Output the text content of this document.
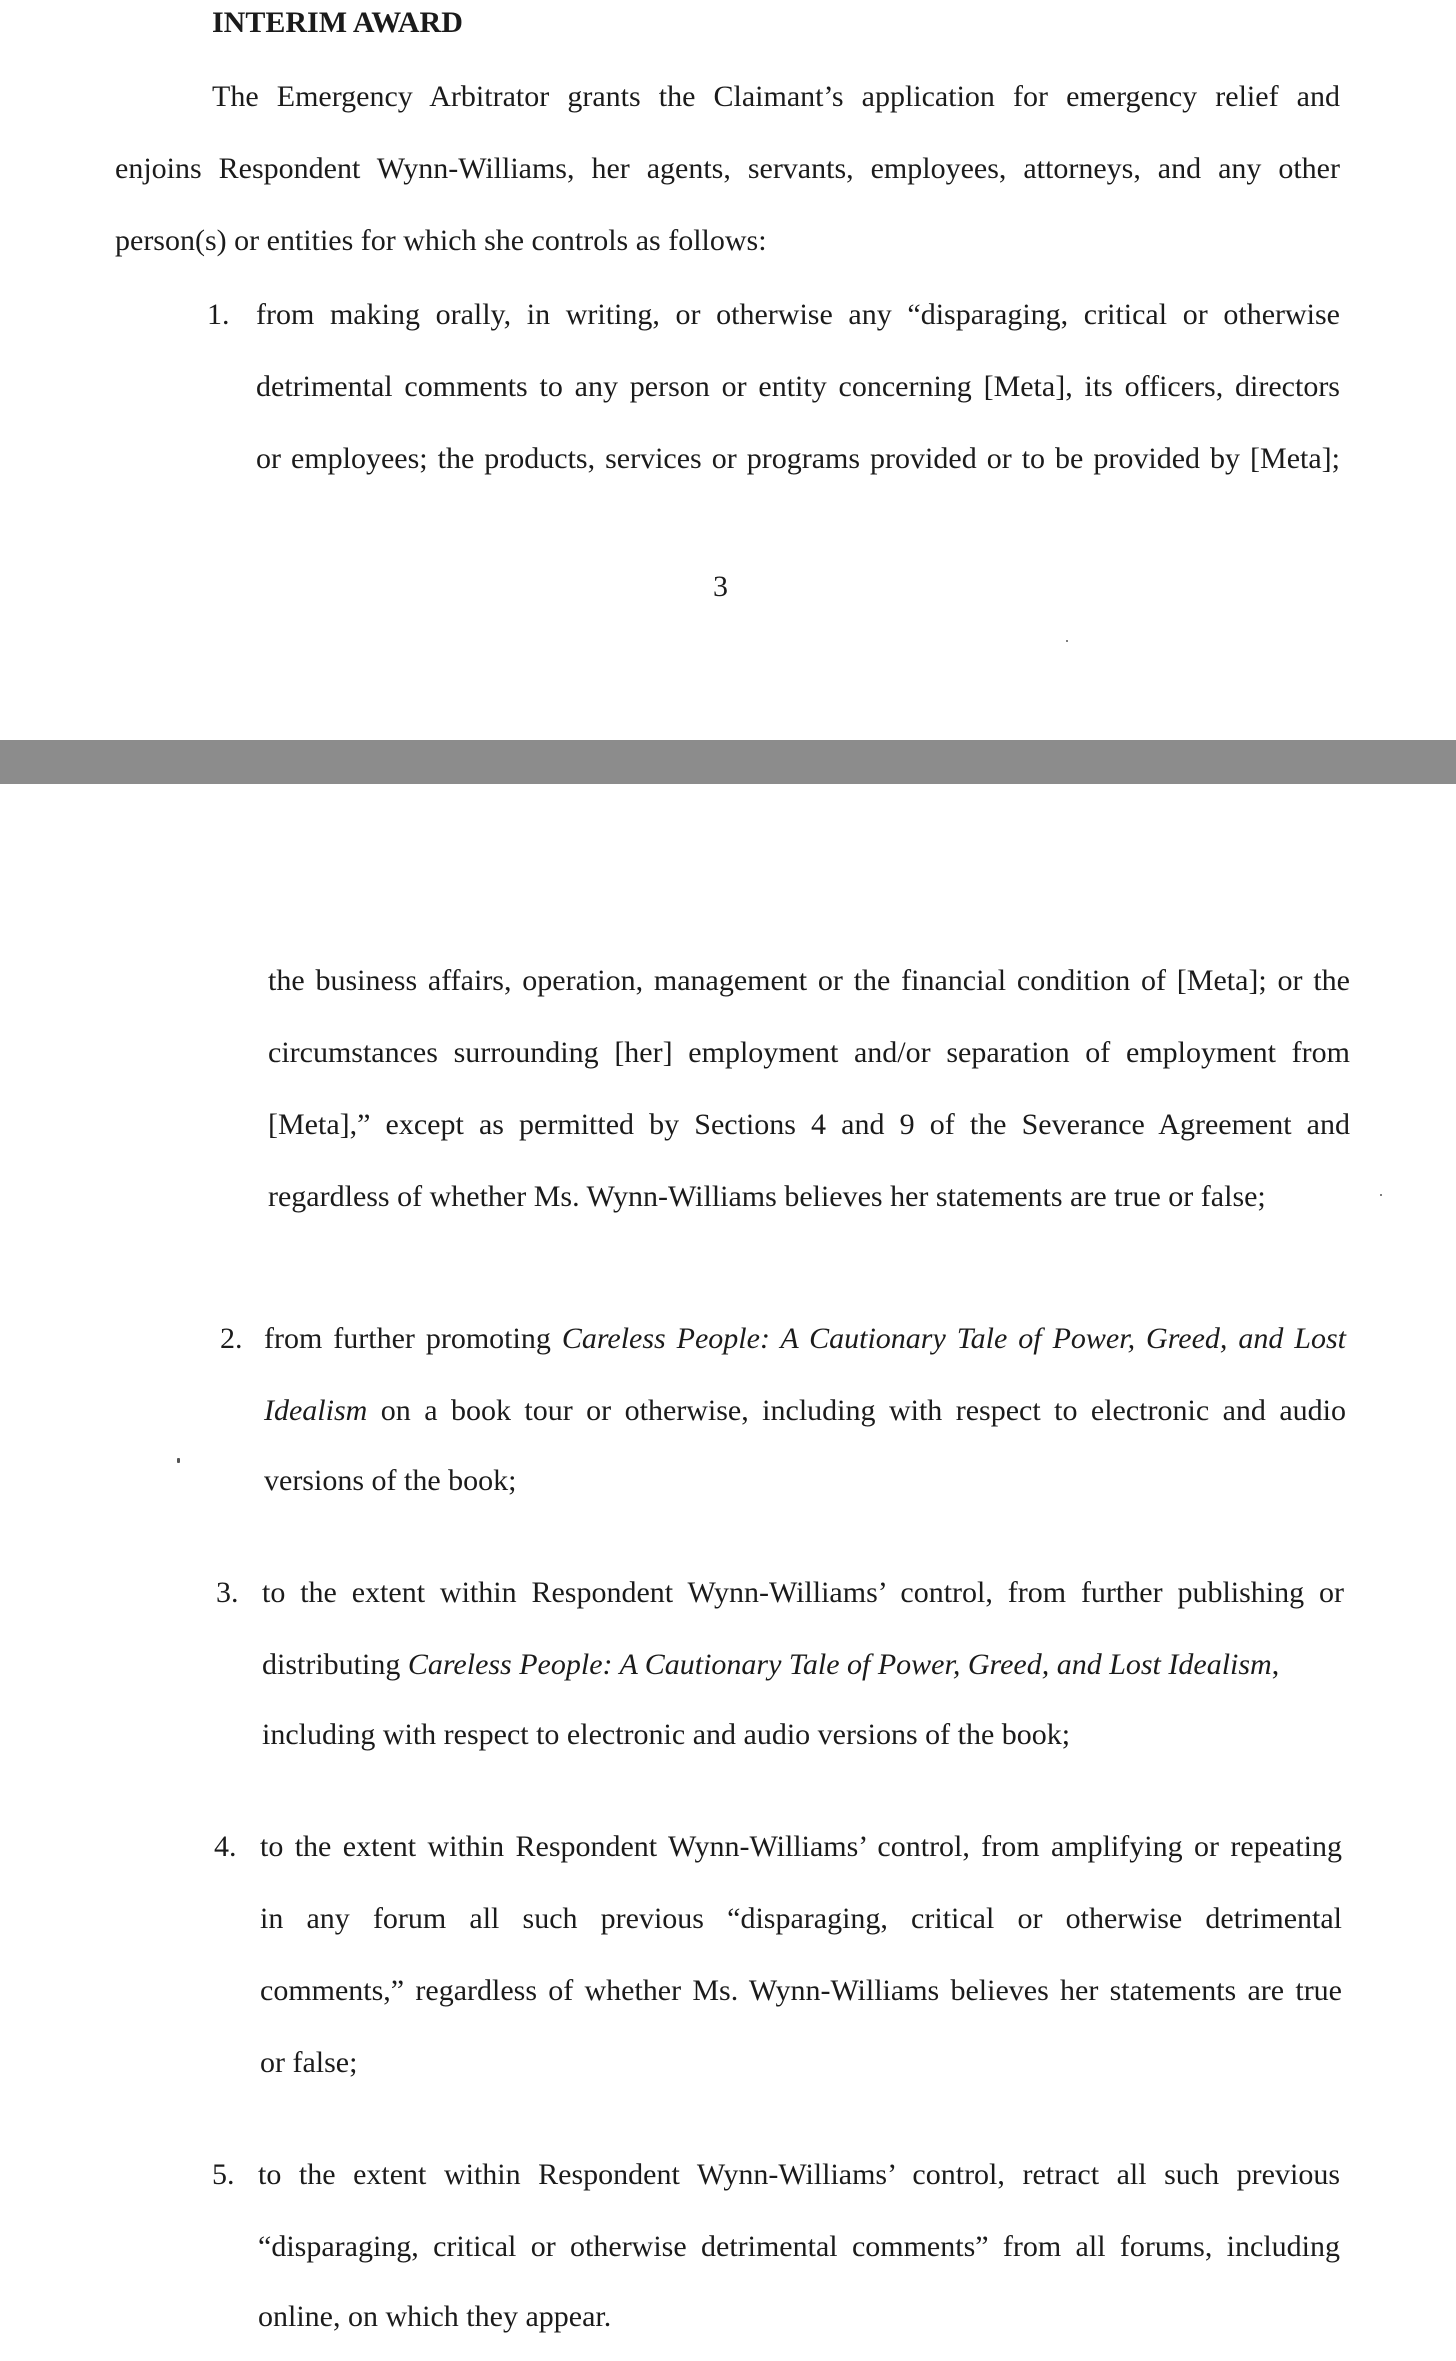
INTERIM AWARD
The Emergency Arbitrator grants the Claimant’s application for emergency relief and
enjoins Respondent Wynn-Williams, her agents, servants, employees, attorneys, and any other
person(s) or entities for which she controls as follows:
1. from making orally, in writing, or otherwise any “disparaging, critical or otherwise
detrimental comments to any person or entity concerning [Meta], its officers, directors
or employees; the products, services or programs provided or to be provided by [Meta];
3
the business affairs, operation, management or the financial condition of [Meta]; or the
circumstances surrounding [her] employment and/or separation of employment from
[Meta],” except as permitted by Sections 4 and 9 of the Severance Agreement and
regardless of whether Ms. Wynn-Williams believes her statements are true or false;
2. from further promoting Careless People: A Cautionary Tale of Power, Greed, and Lost
Idealism on a book tour or otherwise, including with respect to electronic and audio
versions of the book;
3. to the extent within Respondent Wynn-Williams’ control, from further publishing or
distributing Careless People: A Cautionary Tale of Power, Greed, and Lost Idealism,
including with respect to electronic and audio versions of the book;
4. to the extent within Respondent Wynn-Williams’ control, from amplifying or repeating
in any forum all such previous “disparaging, critical or otherwise detrimental
comments,” regardless of whether Ms. Wynn-Williams believes her statements are true
or false;
5. to the extent within Respondent Wynn-Williams’ control, retract all such previous
“disparaging, critical or otherwise detrimental comments” from all forums, including
online, on which they appear.
